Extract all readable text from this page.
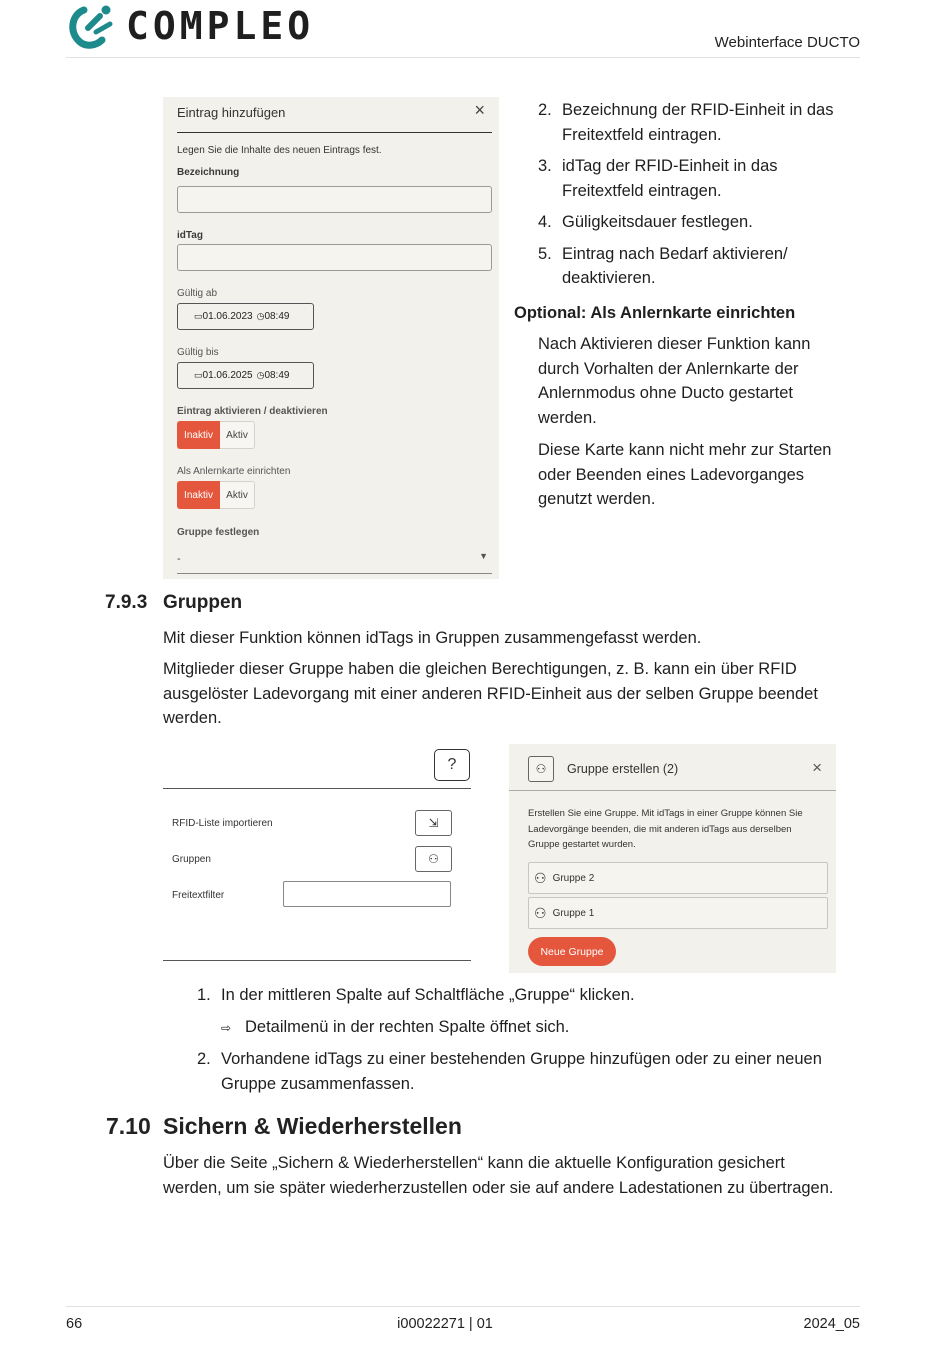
COMPLEO	Webinterface DUCTO
Eintrag hinzufügen	×
Legen Sie die Inhalte des neuen Eintrags fest.
Bezeichnung
idTag
Gültig ab
▭ 01.06.2023 ◷ 08:49
Gültig bis
▭ 01.06.2025 ◷ 08:49
Eintrag aktivieren / deaktivieren
Inaktiv	Aktiv
Als Anlernkarte einrichten
Inaktiv	Aktiv
Gruppe festlegen
-	▼
2. Bezeichnung der RFID-Einheit in das
Freitextfeld eintragen.
3. idTag der RFID-Einheit in das
Freitextfeld eintragen.
4. Güligkeitsdauer festlegen.
5. Eintrag nach Bedarf aktivieren/
deaktivieren.
Optional: Als Anlernkarte einrichten
Nach Aktivieren dieser Funktion kann
durch Vorhalten der Anlernkarte der
Anlernmodus ohne Ducto gestartet
werden.
Diese Karte kann nicht mehr zur Starten
oder Beenden eines Ladevorganges
genutzt werden.
7.9.3 Gruppen
Mit dieser Funktion können idTags in Gruppen zusammengefasst werden.
Mitglieder dieser Gruppe haben die gleichen Berechtigungen, z. B. kann ein über RFID
ausgelöster Ladevorgang mit einer anderen RFID-Einheit aus der selben Gruppe beendet
werden.
?
RFID-Liste importieren	⇲
Gruppen	⚇
Freitextfilter
⚇	Gruppe erstellen (2)	×
Erstellen Sie eine Gruppe. Mit idTags in einer Gruppe können Sie
Ladevorgänge beenden, die mit anderen idTags aus derselben
Gruppe gestartet wurden.
⚇ Gruppe 2
⚇ Gruppe 1
Neue Gruppe
1. In der mittleren Spalte auf Schaltfläche „Gruppe“ klicken.
⇨ Detailmenü in der rechten Spalte öffnet sich.
2. Vorhandene idTags zu einer bestehenden Gruppe hinzufügen oder zu einer neuen
Gruppe zusammenfassen.
7.10 Sichern & Wiederherstellen
Über die Seite „Sichern & Wiederherstellen“ kann die aktuelle Konfiguration gesichert
werden, um sie später wiederherzustellen oder sie auf andere Ladestationen zu übertragen.
66	i00022271 | 01	2024_05
